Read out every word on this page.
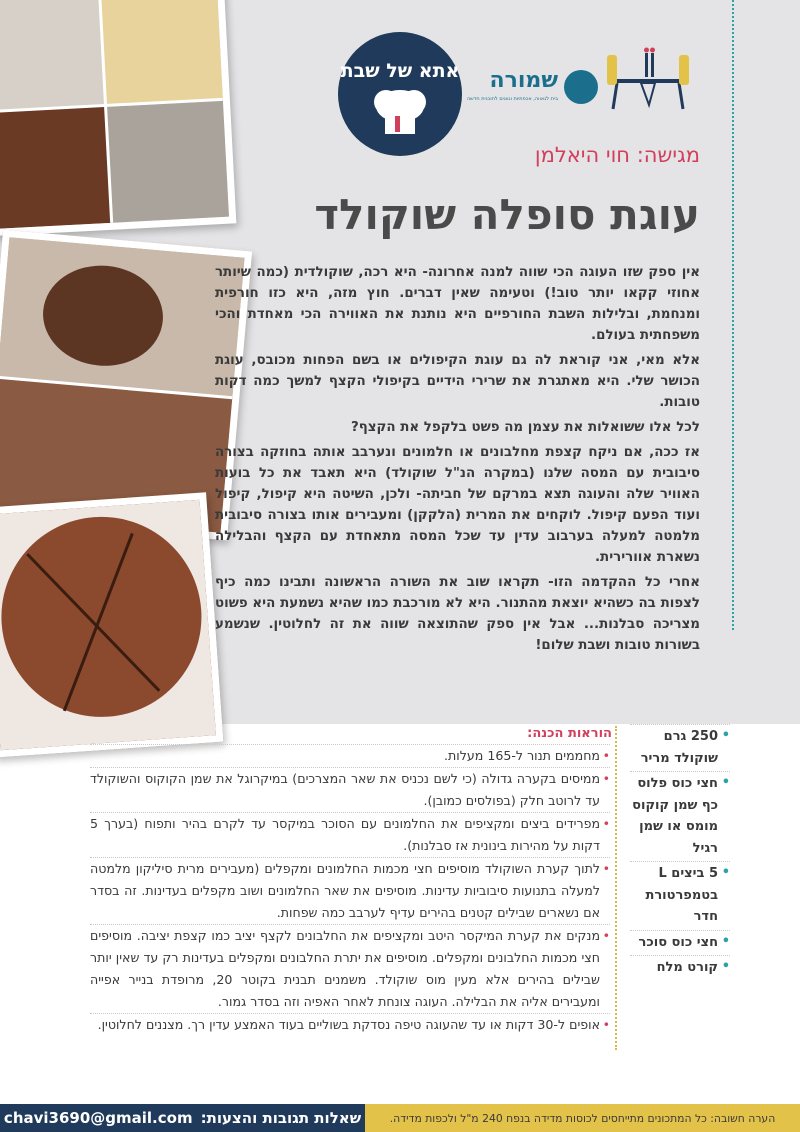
אתא של שבת שמורה
בית לגאווה, אכפתיות וגוונים לתוכנית חדשה
מגישה: חוי היאלמן
עוגת סופלה שוקולד

אין ספק שזו העוגה הכי שווה למנה אחרונה- היא רכה, שוקולדית (כמה שיותר אחוזי קקאו יותר טוב!) וטעימה שאין דברים. חוץ מזה, היא כזו חורפית ומנחמת, ובלילות השבת החורפיים היא נותנת את האווירה הכי מאחדת והכי משפחתית בעולם.

אלא מאי, אני קוראת לה גם עוגת הקיפולים או בשם הפחות מכובס, עוגת הכושר שלי. היא מאתגרת את שרירי הידיים בקיפולי הקצף למשך כמה דקות טובות.

לכל אלו ששואלות את עצמן מה פשט בלקפל את הקצף?

אז ככה, אם ניקח קצפת מחלבונים או חלמונים ונערבב אותה בחוזקה בצורה סיבובית עם המסה שלנו (במקרה הנ"ל שוקולד) היא תאבד את כל בועות האוויר שלה והעוגה תצא במרקם של חביתה- ולכן, השיטה היא קיפול, קיפול ועוד הפעם קיפול. לוקחים את המרית (הלקקן) ומעבירים אותו בצורה סיבובית מלמטה למעלה בערבוב עדין עד שכל המסה מתאחדת עם הקצף והבלילה נשארת אוורירית.

אחרי כל ההקדמה הזו- תקראו שוב את השורה הראשונה ותבינו כמה כיף לצפות בה כשהיא יוצאת מהתנור. היא לא מורכבת כמו שהיא נשמעת היא פשוט מצריכה סבלנות... אבל אין ספק שהתוצאה שווה את זה לחלוטין. שנשמע בשורות טובות ושבת שלום!

• 250 גרם שוקולד מריר
• חצי כוס פלוס כף שמן קוקוס מומס או שמן רגיל
• 5 ביצים L בטמפרטורת חדר
• חצי כוס סוכר
• קורט מלח
הוראות הכנה:
• מחממים תנור ל-165 מעלות.
• ממיסים בקערה גדולה (כי לשם נכניס את שאר המצרכים) במיקרוגל את שמן הקוקוס והשוקולד עד לרוטב חלק (בפולסים כמובן).
• מפרידים ביצים ומקציפים את החלמונים עם הסוכר במיקסר עד לקרם בהיר ותפוח (בערך 5 דקות על מהירות בינונית אז סבלנות).
• לתוך קערת השוקולד מוסיפים חצי מכמות החלמונים ומקפלים (מעבירים מרית סיליקון מלמטה למעלה בתנועות סיבוביות עדינות. מוסיפים את שאר החלמונים ושוב מקפלים בעדינות. זה בסדר אם נשארים שבילים קטנים בהירים עדיף לערבב כמה שפחות.
• מנקים את קערת המיקסר היטב ומקציפים את החלבונים לקצף יציב כמו קצפת יציבה. מוסיפים חצי מכמות החלבונים ומקפלים. מוסיפים את יתרת החלבונים ומקפלים בעדינות רק עד שאין יותר שבילים בהירים אלא מעין מוס שוקולד. משמנים תבנית בקוטר 20, מרופדת בנייר אפייה ומעבירים אליה את הבלילה. העוגה צונחת לאחר האפיה וזה בסדר גמור.
• אופים ל-30 דקות או עד שהעוגה טיפה נסדקת בשוליים בעוד האמצע עדין רך. מצננים לחלוטין.
שאלות תגובות והצעות:
chavi3690@gmail.com	הערה חשובה: כל המתכונים מתייחסים לכוסות מדידה בנפח 240 מ"ל ולכפות מדידה.
